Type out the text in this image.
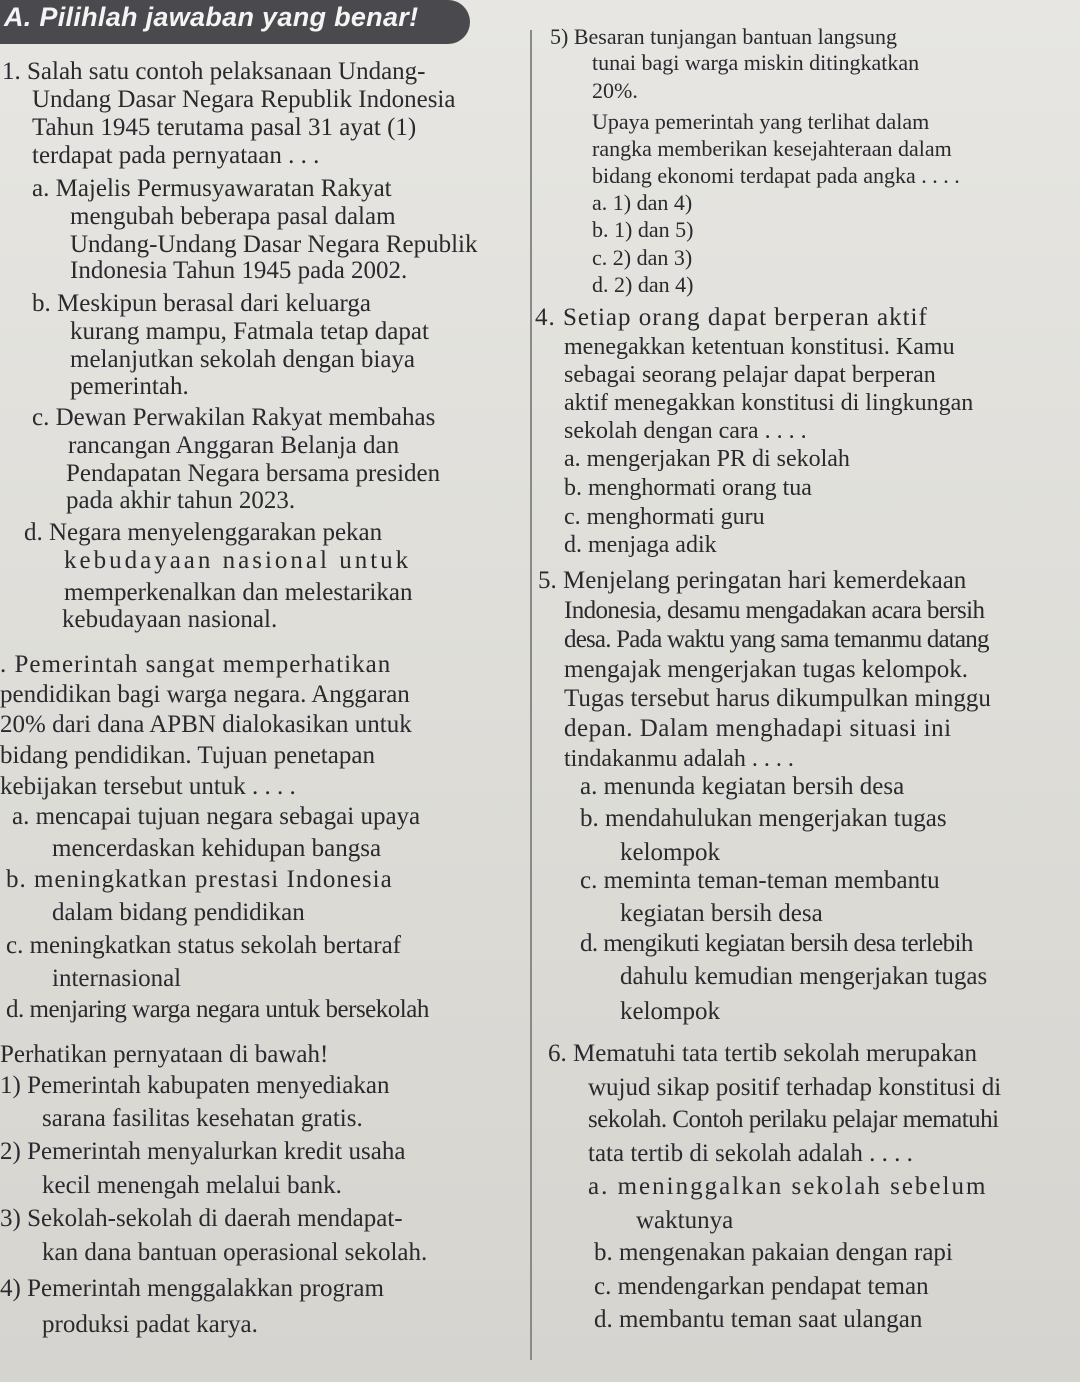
A. Pilihlah jawaban yang benar!
1. Salah satu contoh pelaksanaan Undang-
Undang Dasar Negara Republik Indonesia
Tahun 1945 terutama pasal 31 ayat (1)
terdapat pada pernyataan . . .
a. Majelis Permusyawaratan Rakyat
mengubah beberapa pasal dalam
Undang-Undang Dasar Negara Republik
Indonesia Tahun 1945 pada 2002.
b. Meskipun berasal dari keluarga
kurang mampu, Fatmala tetap dapat
melanjutkan sekolah dengan biaya
pemerintah.
c. Dewan Perwakilan Rakyat membahas
rancangan Anggaran Belanja dan
Pendapatan Negara bersama presiden
pada akhir tahun 2023.
d. Negara menyelenggarakan pekan
kebudayaan nasional untuk
memperkenalkan dan melestarikan
kebudayaan nasional.
. Pemerintah sangat memperhatikan
pendidikan bagi warga negara. Anggaran
20% dari dana APBN dialokasikan untuk
bidang pendidikan. Tujuan penetapan
kebijakan tersebut untuk . . . .
a. mencapai tujuan negara sebagai upaya
mencerdaskan kehidupan bangsa
b. meningkatkan prestasi Indonesia
dalam bidang pendidikan
c. meningkatkan status sekolah bertaraf
internasional
d. menjaring warga negara untuk bersekolah
Perhatikan pernyataan di bawah!
1) Pemerintah kabupaten menyediakan
sarana fasilitas kesehatan gratis.
2) Pemerintah menyalurkan kredit usaha
kecil menengah melalui bank.
3) Sekolah-sekolah di daerah mendapat-
kan dana bantuan operasional sekolah.
4) Pemerintah menggalakkan program
produksi padat karya.
5) Besaran tunjangan bantuan langsung
tunai bagi warga miskin ditingkatkan
20%.
Upaya pemerintah yang terlihat dalam
rangka memberikan kesejahteraan dalam
bidang ekonomi terdapat pada angka . . . .
a. 1) dan 4)
b. 1) dan 5)
c. 2) dan 3)
d. 2) dan 4)
4. Setiap orang dapat berperan aktif
menegakkan ketentuan konstitusi. Kamu
sebagai seorang pelajar dapat berperan
aktif menegakkan konstitusi di lingkungan
sekolah dengan cara . . . .
a. mengerjakan PR di sekolah
b. menghormati orang tua
c. menghormati guru
d. menjaga adik
5. Menjelang peringatan hari kemerdekaan
Indonesia, desamu mengadakan acara bersih
desa. Pada waktu yang sama temanmu datang
mengajak mengerjakan tugas kelompok.
Tugas tersebut harus dikumpulkan minggu
depan. Dalam menghadapi situasi ini
tindakanmu adalah . . . .
a. menunda kegiatan bersih desa
b. mendahulukan mengerjakan tugas
kelompok
c. meminta teman-teman membantu
kegiatan bersih desa
d. mengikuti kegiatan bersih desa terlebih
dahulu kemudian mengerjakan tugas
kelompok
6. Mematuhi tata tertib sekolah merupakan
wujud sikap positif terhadap konstitusi di
sekolah. Contoh perilaku pelajar mematuhi
tata tertib di sekolah adalah . . . .
a. meninggalkan sekolah sebelum
waktunya
b. mengenakan pakaian dengan rapi
c. mendengarkan pendapat teman
d. membantu teman saat ulangan
